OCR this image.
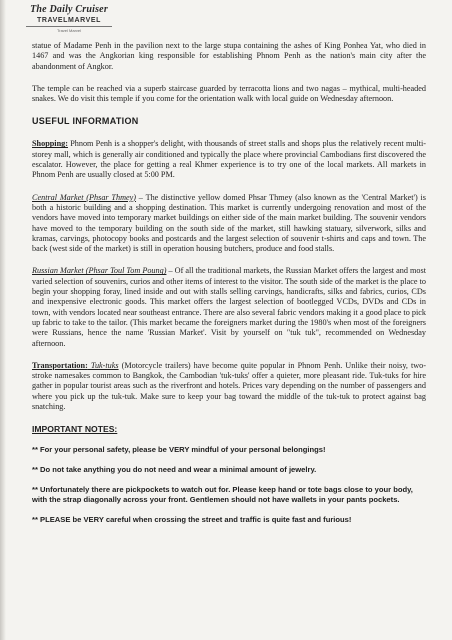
The Daily Cruiser
TRAVELMARVEL
Travel Marvel

statue of Madame Penh in the pavilion next to the large stupa containing the ashes of King Ponhea Yat, who died in 1467 and was the Angkorian king responsible for establishing Phnom Penh as the nation's main city after the abandonment of Angkor.

The temple can be reached via a superb staircase guarded by terracotta lions and two nagas – mythical, multi-headed snakes. We do visit this temple if you come for the orientation walk with local guide on Wednesday afternoon.

USEFUL INFORMATION

Shopping: Phnom Penh is a shopper's delight, with thousands of street stalls and shops plus the relatively recent multi-storey mall, which is generally air conditioned and typically the place where provincial Cambodians first discovered the escalator. However, the place for getting a real Khmer experience is to try one of the local markets. All markets in Phnom Penh are usually closed at 5:00 PM.

Central Market (Phsar Thmey) – The distinctive yellow domed Phsar Thmey (also known as the 'Central Market') is both a historic building and a shopping destination. This market is currently undergoing renovation and most of the vendors have moved into temporary market buildings on either side of the main market building. The souvenir vendors have moved to the temporary building on the south side of the market, still hawking statuary, silverwork, silks and kramas, carvings, photocopy books and postcards and the largest selection of souvenir t-shirts and caps and town. The back (west side of the market) is still in operation housing butchers, produce and food stalls.

Russian Market (Phsar Toul Tom Poung) – Of all the traditional markets, the Russian Market offers the largest and most varied selection of souvenirs, curios and other items of interest to the visitor. The south side of the market is the place to begin your shopping foray, lined inside and out with stalls selling carvings, handicrafts, silks and fabrics, curios, CDs and inexpensive electronic goods. This market offers the largest selection of bootlegged VCDs, DVDs and CDs in town, with vendors located near southeast entrance. There are also several fabric vendors making it a good place to pick up fabric to take to the tailor. (This market became the foreigners market during the 1980's when most of the foreigners were Russians, hence the name 'Russian Market'. Visit by yourself on "tuk tuk", recommended on Wednesday afternoon.

Transportation: Tuk-tuks (Motorcycle trailers) have become quite popular in Phnom Penh. Unlike their noisy, two-stroke namesakes common to Bangkok, the Cambodian 'tuk-tuks' offer a quieter, more pleasant ride. Tuk-tuks for hire gather in popular tourist areas such as the riverfront and hotels. Prices vary depending on the number of passengers and where you pick up the tuk-tuk. Make sure to keep your bag toward the middle of the tuk-tuk to protect against bag snatching.

IMPORTANT NOTES:

** For your personal safety, please be VERY mindful of your personal belongings!

** Do not take anything you do not need and wear a minimal amount of jewelry.

** Unfortunately there are pickpockets to watch out for. Please keep hand or tote bags close to your body, with the strap diagonally across your front. Gentlemen should not have wallets in your pants pockets.

** PLEASE be VERY careful when crossing the street and traffic is quite fast and furious!
